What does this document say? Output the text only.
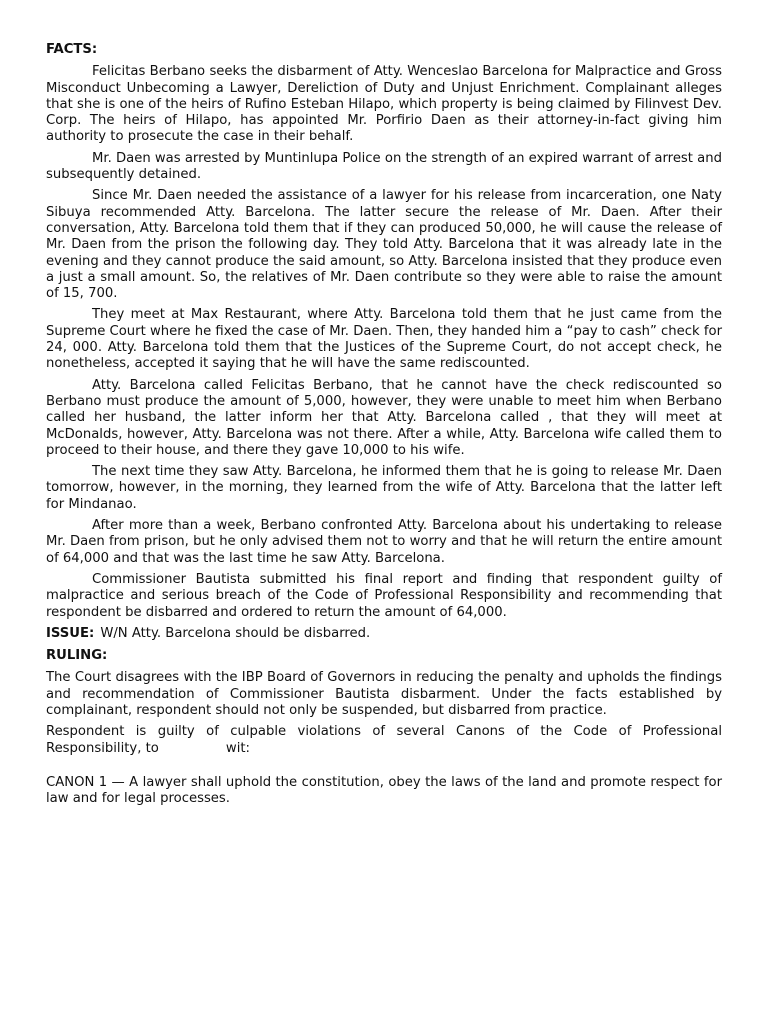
FACTS:

Felicitas Berbano seeks the disbarment of Atty. Wenceslao Barcelona for Malpractice and Gross Misconduct Unbecoming a Lawyer, Dereliction of Duty and Unjust Enrichment. Complainant alleges that she is one of the heirs of Rufino Esteban Hilapo, which property is being claimed by Filinvest Dev. Corp. The heirs of Hilapo, has appointed Mr. Porfirio Daen as their attorney-in-fact giving him authority to prosecute the case in their behalf.

Mr. Daen was arrested by Muntinlupa Police on the strength of an expired warrant of arrest and subsequently detained.

Since Mr. Daen needed the assistance of a lawyer for his release from incarceration, one Naty Sibuya recommended Atty. Barcelona. The latter secure the release of Mr. Daen. After their conversation, Atty. Barcelona told them that if they can produced 50,000, he will cause the release of Mr. Daen from the prison the following day. They told Atty. Barcelona that it was already late in the evening and they cannot produce the said amount, so Atty. Barcelona insisted that they produce even a just a small amount. So, the relatives of Mr. Daen contribute so they were able to raise the amount of 15, 700.

They meet at Max Restaurant, where Atty. Barcelona told them that he just came from the Supreme Court where he fixed the case of Mr. Daen. Then, they handed him a “pay to cash” check for 24, 000. Atty. Barcelona told them that the Justices of the Supreme Court, do not accept check, he nonetheless, accepted it saying that he will have the same rediscounted.

Atty. Barcelona called Felicitas Berbano, that he cannot have the check rediscounted so Berbano must produce the amount of 5,000, however, they were unable to meet him when Berbano called her husband, the latter inform her that Atty. Barcelona called , that they will meet at McDonalds, however, Atty. Barcelona was not there. After a while, Atty. Barcelona wife called them to proceed to their house, and there they gave 10,000 to his wife.

The next time they saw Atty. Barcelona, he informed them that he is going to release Mr. Daen tomorrow, however, in the morning, they learned from the wife of Atty. Barcelona that the latter left for Mindanao.

After more than a week, Berbano confronted Atty. Barcelona about his undertaking to release Mr. Daen from prison, but he only advised them not to worry and that he will return the entire amount of 64,000 and that was the last time he saw Atty. Barcelona.

Commissioner Bautista submitted his final report and finding that respondent guilty of malpractice and serious breach of the Code of Professional Responsibility and recommending that respondent be disbarred and ordered to return the amount of 64,000.

ISSUE: W/N Atty. Barcelona should be disbarred.
RULING:

The Court disagrees with the IBP Board of Governors in reducing the penalty and upholds the findings and recommendation of Commissioner Bautista disbarment. Under the facts established by complainant, respondent should not only be suspended, but disbarred from practice.

Respondent is guilty of culpable violations of several Canons of the Code of Professional Responsibility, to                wit:

CANON 1 — A lawyer shall uphold the constitution, obey the laws of the land and promote respect for law and for legal processes.
